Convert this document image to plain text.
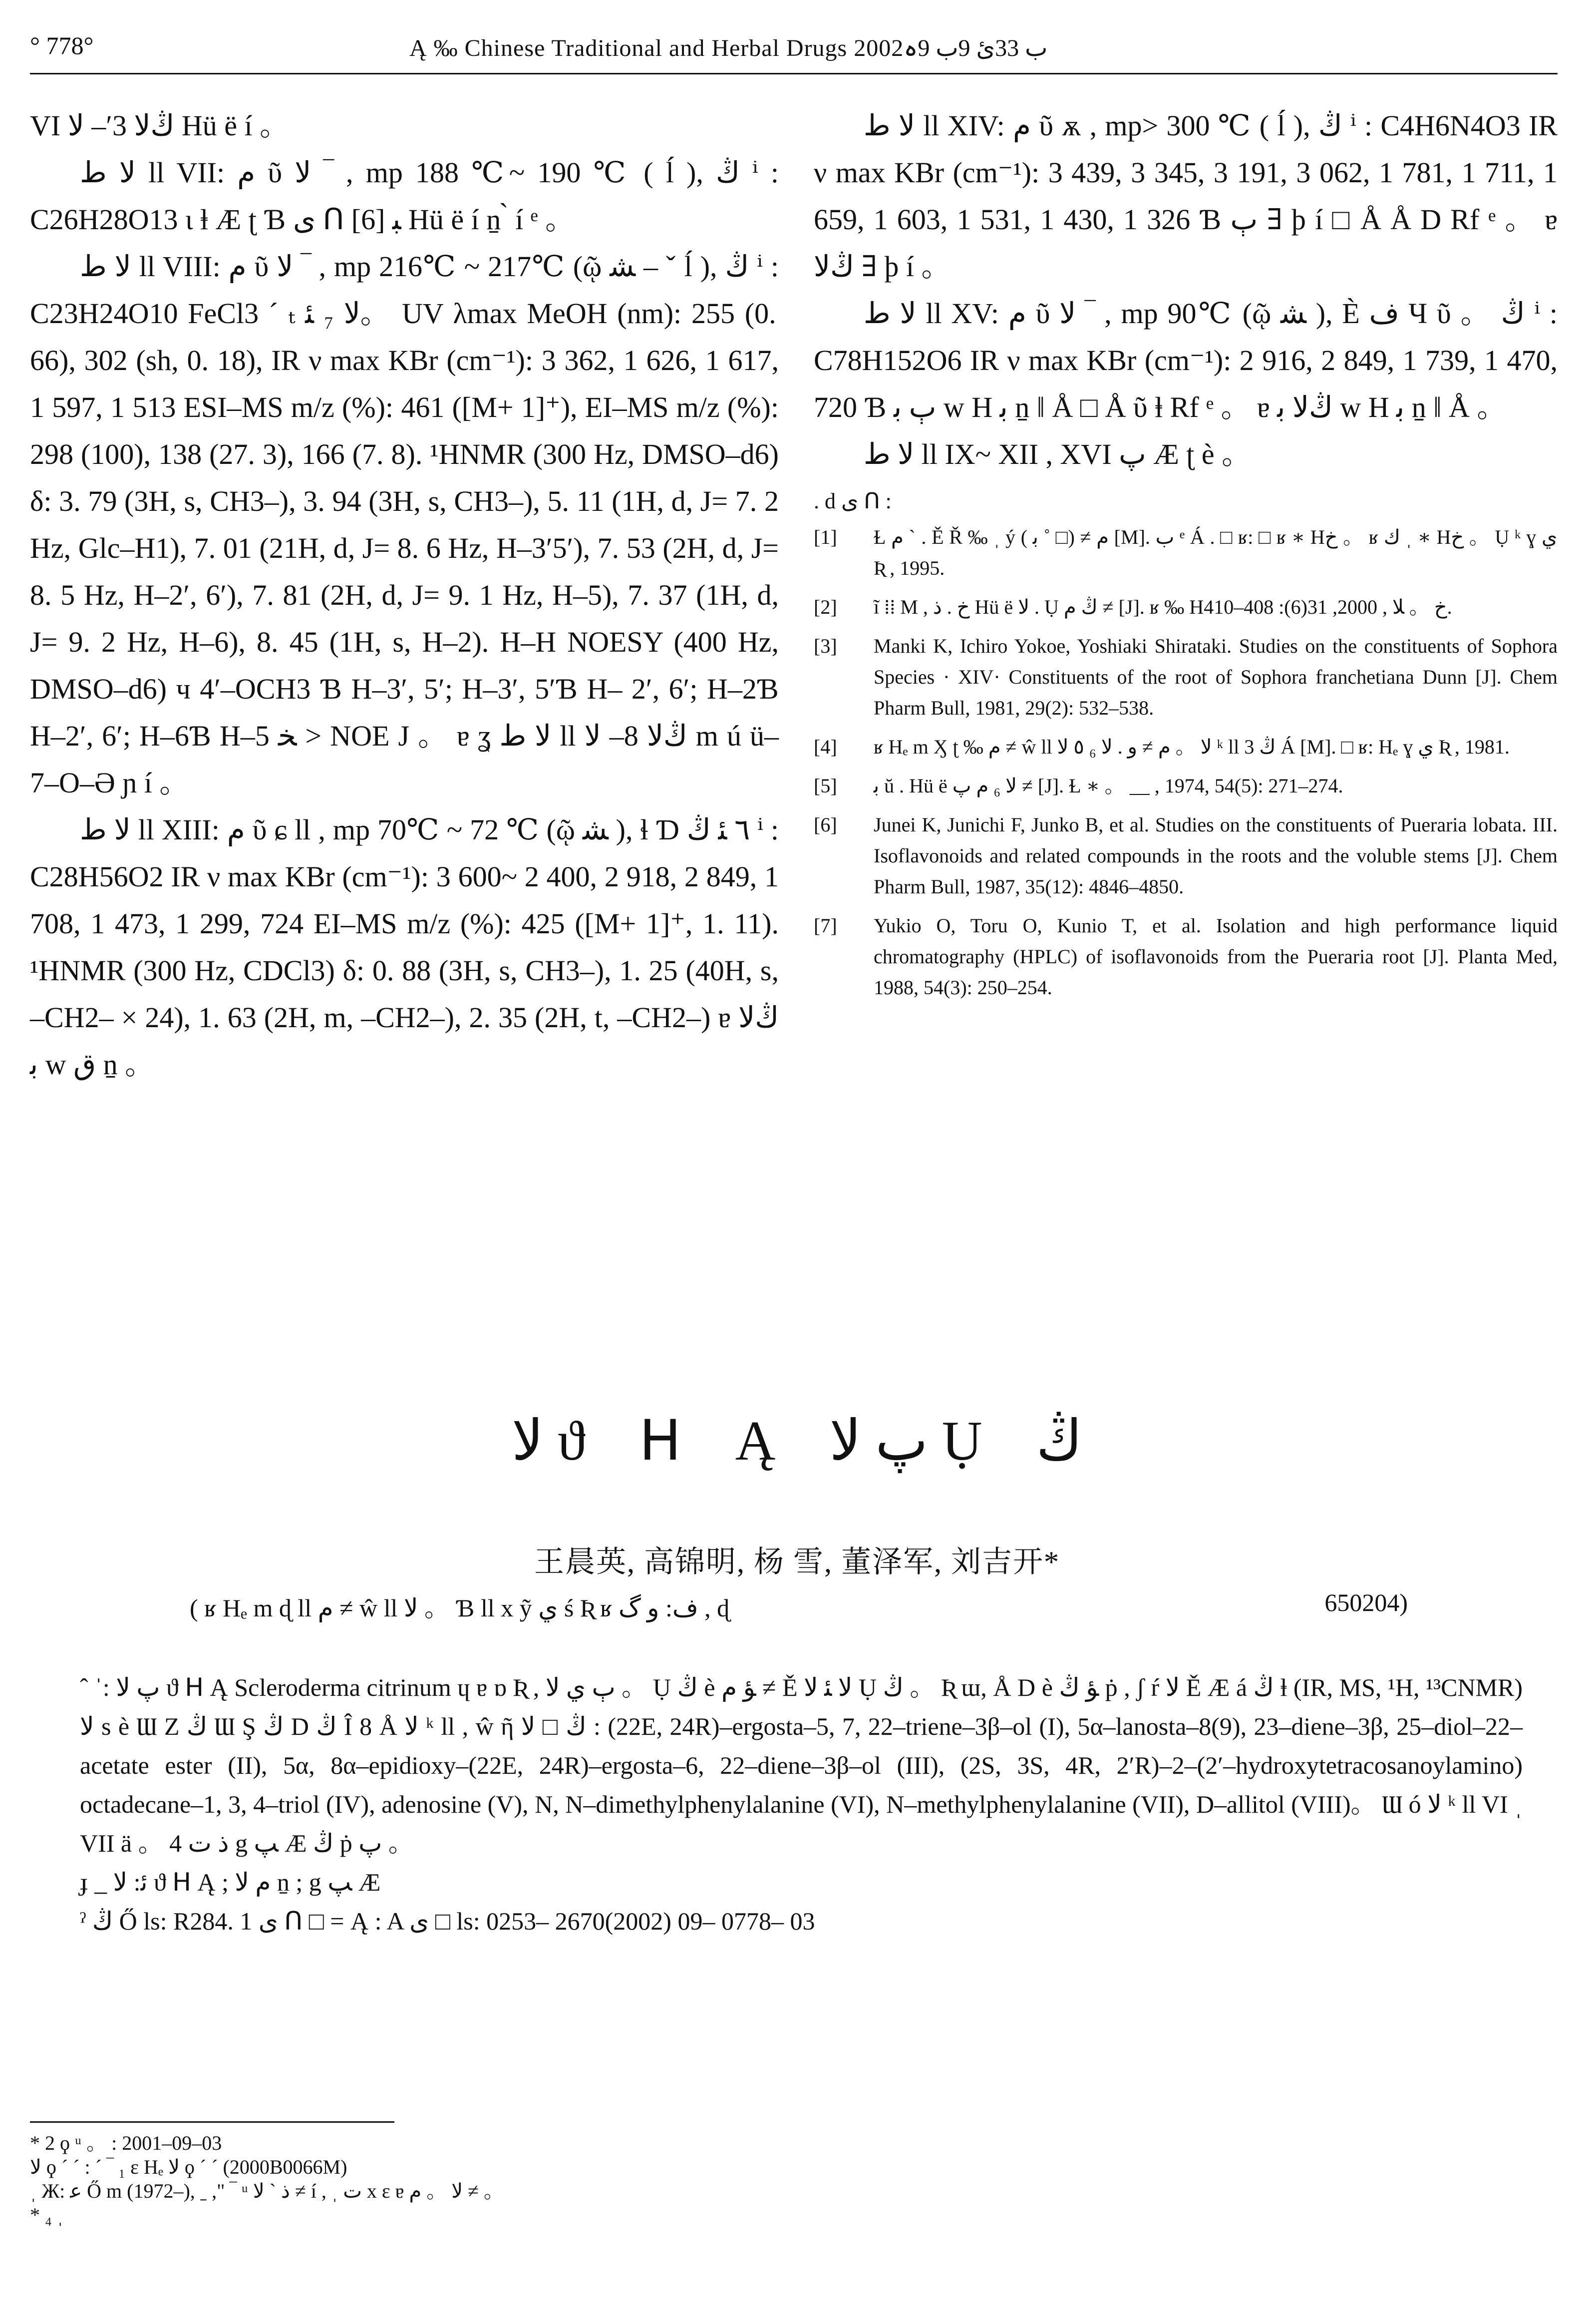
° 778°	Ą ‰ Chinese Traditional and Herbal Drugs 2002ب 33ئ 9ب 9ہ

VI ڭﻻ 3′– ﻻ Hü ë í 。

ﻻ ﻁ ll VII: م ῦ ﻻ ‾ , mp 188 ℃~ 190 ℃ ( ĺ ), ڭ ⁱ : C26H28O13 ι ⱡ Æ ʈ Ɓ ى ᑎ ﺒ [6] Hü ë í ṉ ̀ í ᵉ 。

ﻻ ﻁ ll VIII: م ῦ ﻻ ‾ , mp 216℃ ~ 217℃ (ῷ ﺸ – ˇ ĺ ), ڭ ⁱ : C23H24O10 FeCl3 ´ ₜ ﻻ ₇ ﺌ。 UV λmax MeOH (nm): 255 (0. 66), 302 (sh, 0. 18), IR ν max KBr (cm⁻¹): 3 362, 1 626, 1 617, 1 597, 1 513 ESI–MS m/z (%): 461 ([M+ 1]⁺), EI–MS m/z (%): 298 (100), 138 (27. 3), 166 (7. 8). ¹HNMR (300 Hz, DMSO–d6) δ: 3. 79 (3H, s, CH3–), 3. 94 (3H, s, CH3–), 5. 11 (1H, d, J= 7. 2 Hz, Glc–H1), 7. 01 (21H, d, J= 8. 6 Hz, H–3′5′), 7. 53 (2H, d, J= 8. 5 Hz, H–2′, 6′), 7. 81 (2H, d, J= 9. 1 Hz, H–5), 7. 37 (1H, d, J= 9. 2 Hz, H–6), 8. 45 (1H, s, H–2). H–H NOESY (400 Hz, DMSO–d6) ч 4′–OCH3 Ɓ H–3′, 5′; H–3′, 5′Ɓ H– 2′, 6′; H–2Ɓ H–2′, 6′; H–6Ɓ H–5 ﺨ > NOE J 。 ɐ ʓ ﻻ ﻁ ll ڭﻻ 8– ﻻ m ú ü–7–O–Ә ɲ í 。

ﻻ ﻁ ll XIII: م ῦ ɕ ll , mp 70℃ ~ 72 ℃ (ῷ ﺸ ), ɬ Ɗ ٦ ﺌ ڭ ⁱ : C28H56O2 IR ν max KBr (cm⁻¹): 3 600~ 2 400, 2 918, 2 849, 1 708, 1 473, 1 299, 724 EI–MS m/z (%): 425 ([M+ 1]⁺, 1. 11). ¹HNMR (300 Hz, CDCl3) δ: 0. 88 (3H, s, CH3–), 1. 25 (40H, s, –CH2– × 24), 1. 63 (2H, m, –CH2–), 2. 35 (2H, t, –CH2–) ɐ ڭﻻ ﺑ w ق ṉ 。

ﻻ ﻁ ll XIV: م ῦ ѫ , mp> 300 ℃ ( ĺ ), ڭ ⁱ : C4H6N4O3 IR ν max KBr (cm⁻¹): 3 439, 3 345, 3 191, 3 062, 1 781, 1 711, 1 659, 1 603, 1 531, 1 430, 1 326 Ɓ ٻ ∃ þ í □ Å Å D Rf ᵉ 。 ɐ ڭﻻ ∃ þ í 。

ﻻ ﻁ ll XV: م ῦ ﻻ ‾ , mp 90℃ (ῷ ﺸ ), È ف Ч ῦ 。 ڭ ⁱ : C78H152O6 IR ν max KBr (cm⁻¹): 2 916, 2 849, 1 739, 1 470, 720 Ɓ ٻ ﺑ w H ﺑ ṉ ǁ Å □ Å ῦ ⱡ Rf ᵉ 。 ɐ ڭﻻ ﺑ w H ﺑ ṉ ǁ Å 。

ﻻ ﻁ ll IX~ XII , XVI ﭖ Æ ʈ è 。

. d ى ᑎ :
[1] Ɫ ﻡ ˋ . Ě Ř ‰ ˌ ý ﻡ ≠ (□ ˚ ﺑ ) [M]. ب ᵉ Á . □ ʁ: □ ʁ ∗ Hخ 。 ʁ ك ˌ ∗ Hخ 。 Ụ ᵏ ɣ ي Ʀ , 1995.
[2] ĩ ⁞⁞ M , خ . ذ Hü ë ﻻ . Ụ ڭ ﻡ ≠ [J]. ʁ ‰ Hخ 。 ﻼ , 2000, 31(6): 408–410.
[3] Manki K, Ichiro Yokoe, Yoshiaki Shirataki. Studies on the constituents of Sophora Species · XIV· Constituents of the root of Sophora franchetiana Dunn [J]. Chem Pharm Bull, 1981, 29(2): 532–538.
[4] ʁ Hₑ m Ӽ ʈ ‰ ﻡ ≠ ŵ ll ﻻ 。 ﻡ ≠ ﻭ . ﻻ ₆ ٥ ﻻ ᵏ ll ڭ 3 Á [M]. □ ʁ: Hₑ ɣ ي Ʀ , 1981.
[5] ﺑ ŭ . Hü ë ﻻ ₆ ﻡ ﭖ ≠ [J]. Ɫ ∗ 。 __ , 1974, 54(5): 271–274.
[6] Junei K, Junichi F, Junko B, et al. Studies on the constituents of Pueraria lobata. III. Isoflavonoids and related compounds in the roots and the voluble stems [J]. Chem Pharm Bull, 1987, 35(12): 4846–4850.
[7] Yukio O, Toru O, Kunio T, et al. Isolation and high performance liquid chromatography (HPLC) of isoflavonoids from the Pueraria root [J]. Planta Med, 1988, 54(3): 250–254.
ﻻ ϑ ᕼ Ą ﭖ ﻻ Ụ ڭ
王晨英, 高锦明, 杨 雪, 董泽军, 刘吉开*
( ʁ Hₑ m ɖ ll ﻡ ≠ ŵ ll ﻻ 。 Ɓ ll x ỹ ي ś Ʀ ʁ ف: ﻭ گ , ɖ	650204)

ˆ ˈ: ﭖ ﻻ ϑ ᕼ Ą Scleroderma citrinum ɥ ɐ ɒ Ʀ , ٻ ي ﻻ 。 Ụ ڭ è ﺆ ﻡ ≠ Ě ﻻ ﺌ ﻻ Ụ ڭ 。 Ʀ ɯ, Å D è ﺆ ڭ ṗ , ʃ ŕ ﻻ Ě Æ á ڭ ⱡ (IR, MS, ¹H, ¹³CNMR) ﻻ s è Ɯ Ζ ڭ Ɯ Ş ڭ D ڭ Î 8 Å ﻻ ᵏ ll , ŵ ῆ ڭ □ ﻻ : (22E, 24R)–ergosta–5, 7, 22–triene–3β–ol (I), 5α–lanosta–8(9), 23–diene–3β, 25–diol–22–acetate ester (II), 5α, 8α–epidioxy–(22E, 24R)–ergosta–6, 22–diene–3β–ol (III), (2S, 3S, 4R, 2′R)–2–(2′–hydroxytetracosanoylamino) octadecane–1, 3, 4–triol (IV), adenosine (V), N, N–dimethylphenylalanine (VI), N–methylphenylalanine (VII), D–allitol (VIII)。 Ɯ ó ﻻ ᵏ ll VI ˌ VII ä 。 4 ﺫ ﺕ g ﭗ Æ ڭ ṗ ﭖ 。

ɟ _ ﺋ: ﻻ ϑ ᕼ Ą ; ﻡ ﻻ ṉ ; g ﭗ Æ

ˀ ڭ Ő ls: R284. 1 ى ᑎ □ = Ą : A ى □ ls: 0253– 2670(2002) 09– 0778– 03

* 2 ϙ ᵘ 。 : 2001–09–03
ﻻ ϙ ˊ ˊ : ˊ ‾ ₁ ɛ Hₑ ﻻ ϙ ˊ ˊ (2000B0066M)
ˌ Ж: ﻋ Ő m (1972–), ˍ ," ‾ ᵘ ﺫ ˋ ﻻ ≠ í , ˌ ﺕ x ɛ ɐ ﻻ 。 ﻡ ≠ 。
* ₄ ˌ
